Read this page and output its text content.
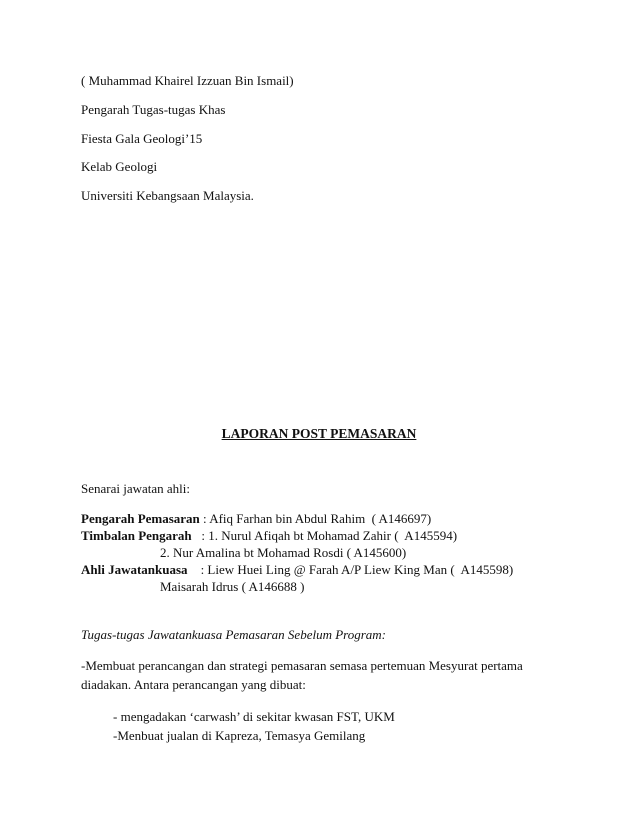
( Muhammad Khairel Izzuan Bin Ismail)
Pengarah Tugas-tugas Khas
Fiesta Gala Geologi’15
Kelab Geologi
Universiti Kebangsaan Malaysia.
LAPORAN POST PEMASARAN
Senarai jawatan ahli:
Pengarah Pemasaran : Afiq Farhan bin Abdul Rahim  ( A146697)
Timbalan Pengarah   : 1. Nurul Afiqah bt Mohamad Zahir (  A145594)
2. Nur Amalina bt Mohamad Rosdi ( A145600)
Ahli Jawatankuasa    : Liew Huei Ling @ Farah A/P Liew King Man (  A145598)
Maisarah Idrus ( A146688 )
Tugas-tugas Jawatankuasa Pemasaran Sebelum Program:
-Membuat perancangan dan strategi pemasaran semasa pertemuan Mesyurat pertama
diadakan. Antara perancangan yang dibuat:
- mengadakan ‘carwash’ di sekitar kwasan FST, UKM
-Menbuat jualan di Kapreza, Temasya Gemilang
